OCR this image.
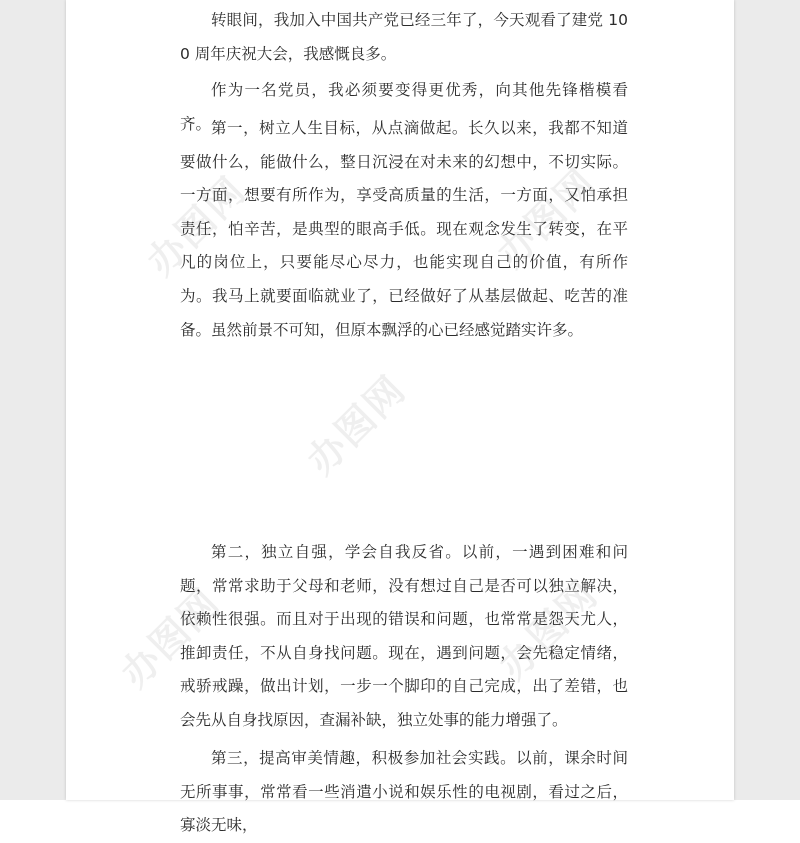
转眼间，我加入中国共产党已经三年了，今天观看了建党 100 周年庆祝大会，我感慨良多。

作为一名党员，我必须要变得更优秀，向其他先锋楷模看齐。 第一，树立人生目标，从点滴做起。长久以来，我都不知道要做什么，能做什么，整日沉浸在对未来的幻想中，不切实际。一方面，想要有所作为，享受高质量的生活，一方面，又怕承担责任，怕辛苦，是典型的眼高手低。现在观念发生了转变，在平凡的岗位上，只要能尽心尽力，也能实现自己的价值，有所作为。我马上就要面临就业了，已经做好了从基层做起、吃苦的准备。虽然前景不可知，但原本飘浮的心已经感觉踏实许多。

第二，独立自强，学会自我反省。以前，一遇到困难和问题，常常求助于父母和老师，没有想过自己是否可以独立解决，依赖性很强。而且对于出现的错误和问题，也常常是怨天尤人，推卸责任，不从自身找问题。现在，遇到问题，会先稳定情绪，戒骄戒躁，做出计划，一步一个脚印的自己完成，出了差错，也会先从自身找原因，查漏补缺，独立处事的能力增强了。

第三，提高审美情趣，积极参加社会实践。以前，课余时间无所事事，常常看一些消遣小说和娱乐性的电视剧，看过之后，寡淡无味，

办图网	办图网
办图网
办图网	办图网
